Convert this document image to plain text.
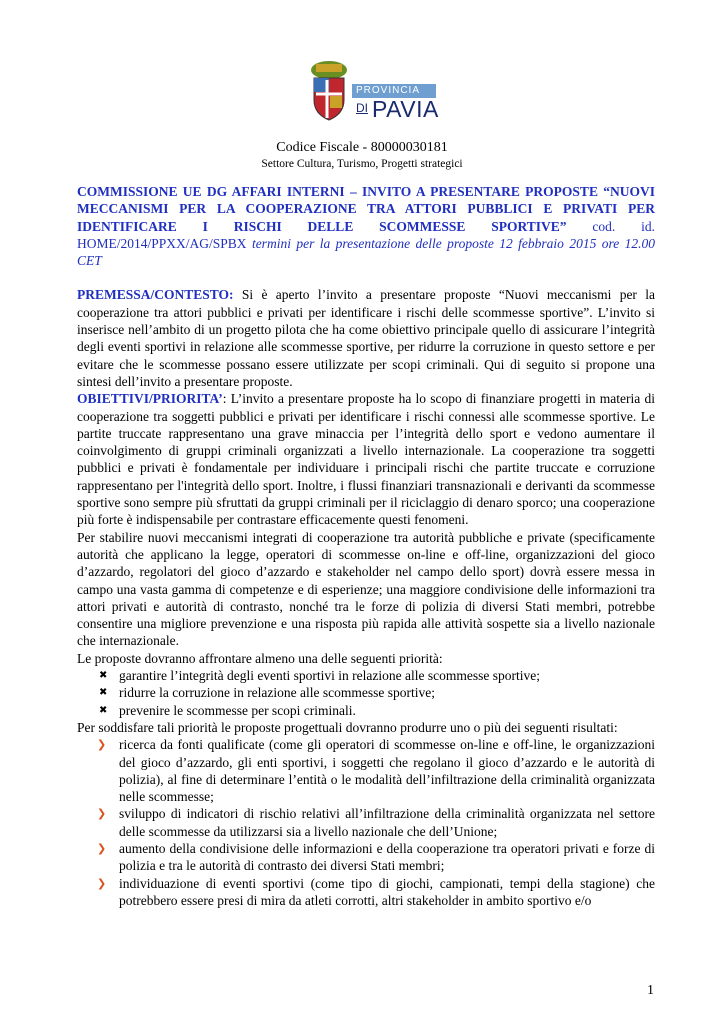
PROVINCIA
DI PAVIA
Codice Fiscale - 80000030181
Settore Cultura, Turismo, Progetti strategici

COMMISSIONE UE DG AFFARI INTERNI – INVITO A PRESENTARE PROPOSTE “NUOVI MECCANISMI PER LA COOPERAZIONE TRA ATTORI PUBBLICI E PRIVATI PER IDENTIFICARE I RISCHI DELLE SCOMMESSE SPORTIVE” cod. id. HOME/2014/PPXX/AG/SPBX termini per la presentazione delle proposte 12 febbraio 2015 ore 12.00 CET

PREMESSA/CONTESTO: Si è aperto l’invito a presentare proposte “Nuovi meccanismi per la cooperazione tra attori pubblici e privati per identificare i rischi delle scommesse sportive”. L’invito si inserisce nell’ambito di un progetto pilota che ha come obiettivo principale quello di assicurare l’integrità degli eventi sportivi in relazione alle scommesse sportive, per ridurre la corruzione in questo settore e per evitare che le scommesse possano essere utilizzate per scopi criminali. Qui di seguito si propone una sintesi dell’invito a presentare proposte.

OBIETTIVI/PRIORITA’: L’invito a presentare proposte ha lo scopo di finanziare progetti in materia di cooperazione tra soggetti pubblici e privati per identificare i rischi connessi alle scommesse sportive. Le partite truccate rappresentano una grave minaccia per l’integrità dello sport e vedono aumentare il coinvolgimento di gruppi criminali organizzati a livello internazionale. La cooperazione tra soggetti pubblici e privati è fondamentale per individuare i principali rischi che partite truccate e corruzione rappresentano per l'integrità dello sport. Inoltre, i flussi finanziari transnazionali e derivanti da scommesse sportive sono sempre più sfruttati da gruppi criminali per il riciclaggio di denaro sporco; una cooperazione più forte è indispensabile per contrastare efficacemente questi fenomeni.

Per stabilire nuovi meccanismi integrati di cooperazione tra autorità pubbliche e private (specificamente autorità che applicano la legge, operatori di scommesse on-line e off-line, organizzazioni del gioco d’azzardo, regolatori del gioco d’azzardo e stakeholder nel campo dello sport) dovrà essere messa in campo una vasta gamma di competenze e di esperienze; una maggiore condivisione delle informazioni tra attori privati e autorità di contrasto, nonché tra le forze di polizia di diversi Stati membri, potrebbe consentire una migliore prevenzione e una risposta più rapida alle attività sospette sia a livello nazionale che internazionale.

Le proposte dovranno affrontare almeno una delle seguenti priorità:

✖ garantire l’integrità degli eventi sportivi in relazione alle scommesse sportive;
✖ ridurre la corruzione in relazione alle scommesse sportive;
✖ prevenire le scommesse per scopi criminali.

Per soddisfare tali priorità le proposte progettuali dovranno produrre uno o più dei seguenti risultati:

❯ ricerca da fonti qualificate (come gli operatori di scommesse on-line e off-line, le organizzazioni del gioco d’azzardo, gli enti sportivi, i soggetti che regolano il gioco d’azzardo e le autorità di polizia), al fine di determinare l’entità o le modalità dell’infiltrazione della criminalità organizzata nelle scommesse;
❯ sviluppo di indicatori di rischio relativi all’infiltrazione della criminalità organizzata nel settore delle scommesse da utilizzarsi sia a livello nazionale che dell’Unione;
❯ aumento della condivisione delle informazioni e della cooperazione tra operatori privati e forze di polizia e tra le autorità di contrasto dei diversi Stati membri;
❯ individuazione di eventi sportivi (come tipo di giochi, campionati, tempi della stagione) che potrebbero essere presi di mira da atleti corrotti, altri stakeholder in ambito sportivo e/o
1
